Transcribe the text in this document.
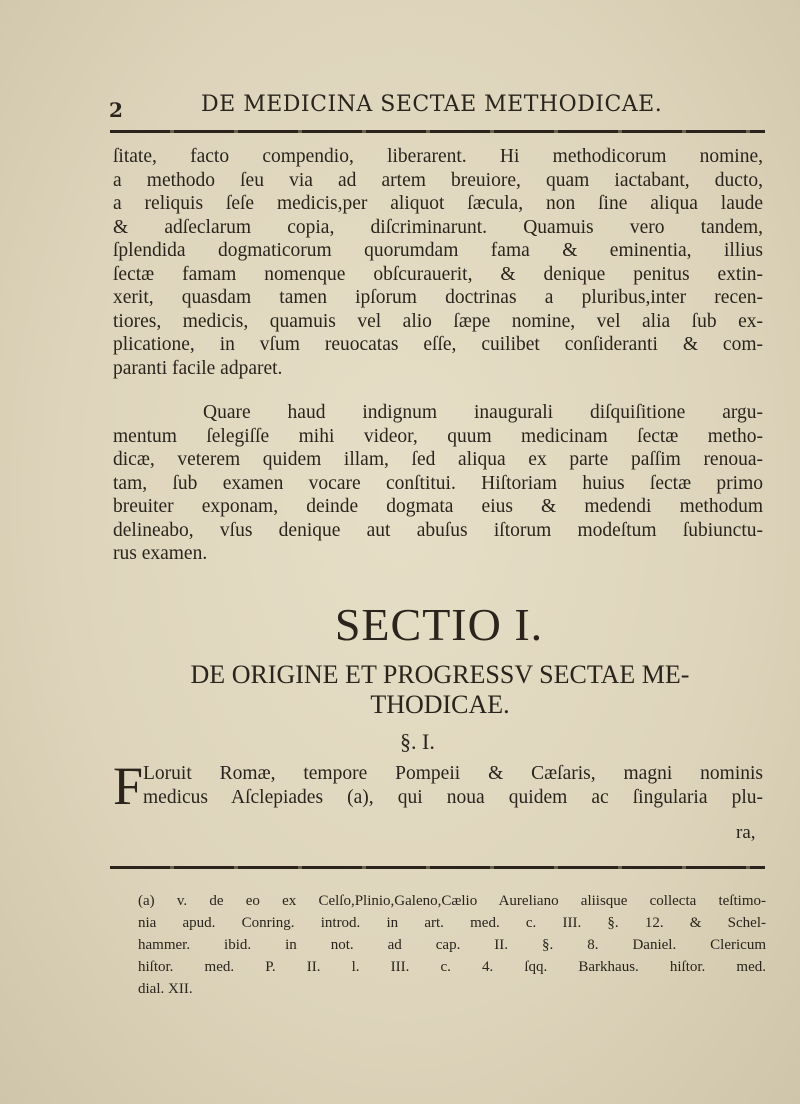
2	DE MEDICINA SECTAE METHODICAE.
ſitate, facto compendio, liberarent. Hi methodicorum nomine,
a methodo ſeu via ad artem breuiore, quam iactabant, ducto,
a reliquis ſeſe medicis,per aliquot ſæcula, non ſine aliqua laude
& adſeclarum copia, diſcriminarunt. Quamuis vero tandem,
ſplendida dogmaticorum quorumdam fama & eminentia, illius
ſectæ famam nomenque obſcurauerit, & denique penitus extin-
xerit, quasdam tamen ipſorum doctrinas a pluribus,inter recen-
tiores, medicis, quamuis vel alio ſæpe nomine, vel alia ſub ex-
plicatione, in vſum reuocatas eſſe, cuilibet conſideranti & com-
paranti facile adparet.
Quare haud indignum inaugurali diſquiſitione argu-
mentum ſelegiſſe mihi videor, quum medicinam ſectæ metho-
dicæ, veterem quidem illam, ſed aliqua ex parte paſſim renoua-
tam, ſub examen vocare conſtitui. Hiſtoriam huius ſectæ primo
breuiter exponam, deinde dogmata eius & medendi methodum
delineabo, vſus denique aut abuſus iſtorum modeſtum ſubiunctu-
rus examen.
SECTIO I.
DE ORIGINE ET PROGRESSV SECTAE ME-
THODICAE.
§. I.
F Loruit Romæ, tempore Pompeii & Cæſaris, magni nominis
medicus Aſclepiades (a), qui noua quidem ac ſingularia plu-
ra,
(a) v. de eo ex Celſo,Plinio,Galeno,Cælio Aureliano aliisque collecta teſtimo-
nia apud. Conring. introd. in art. med. c. III. §. 12. & Schel-
hammer. ibid. in not. ad cap. II. §. 8. Daniel. Clericum
hiſtor. med. P. II. l. III. c. 4. ſqq. Barkhaus. hiſtor. med.
dial. XII.
